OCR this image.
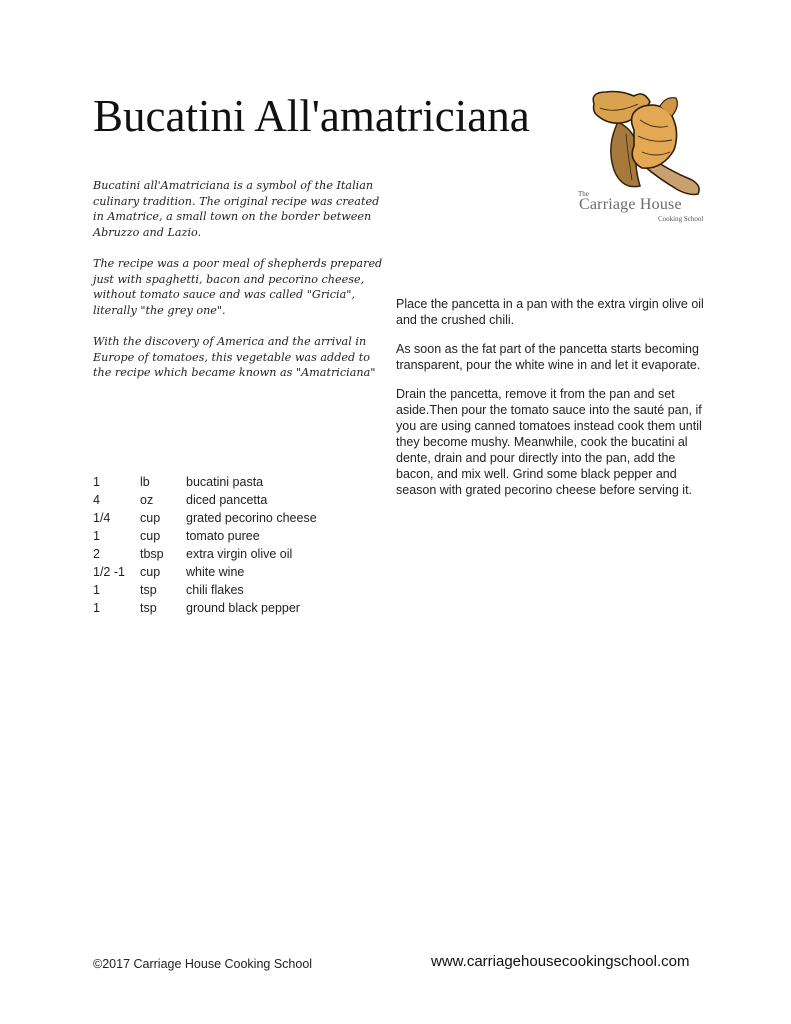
Bucatini All'amatriciana
The
Carriage House
Cooking School

Bucatini all'Amatriciana is a symbol of the Italian culinary tradition. The original recipe was created in Amatrice, a small town on the border between Abruzzo and Lazio.

The recipe was a poor meal of shepherds prepared just with spaghetti, bacon and pecorino cheese, without tomato sauce and was called "Gricia", literally "the grey one".

With the discovery of America and the arrival in Europe of tomatoes, this vegetable was added to the recipe which became known as "Amatriciana"

1	lb	bucatini pasta
4	oz	diced pancetta
1/4	cup	grated pecorino cheese
1	cup	tomato puree
2	tbsp	extra virgin olive oil
1/2 -1	cup	white wine
1	tsp	chili flakes
1	tsp	ground black pepper

Place the pancetta in a pan with the extra virgin olive oil and the crushed chili.

As soon as the fat part of the pancetta starts becoming transparent, pour the white wine in and let it evaporate.

Drain the pancetta, remove it from the pan and set aside.Then pour the tomato sauce into the sauté pan, if you are using canned tomatoes instead cook them until they become mushy. Meanwhile, cook the bucatini al dente, drain and pour directly into the pan, add the bacon, and mix well. Grind some black pepper and season with grated pecorino cheese before serving it.

©2017 Carriage House Cooking School	www.carriagehousecookingschool.com
